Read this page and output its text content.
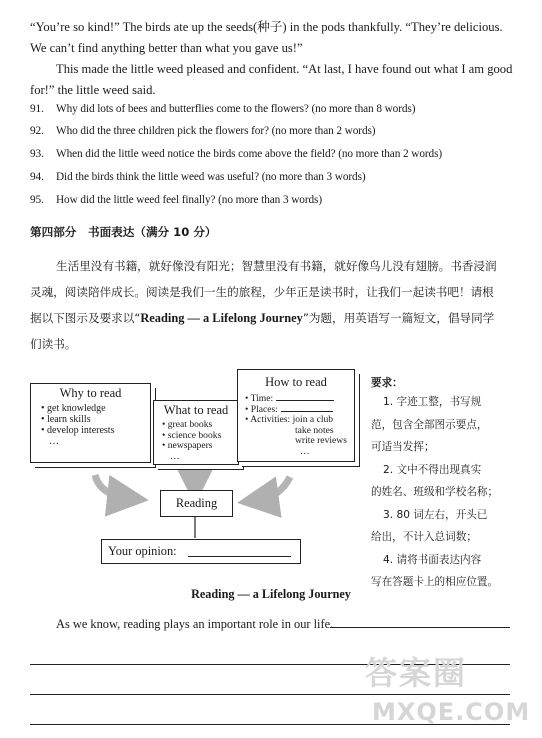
“You’re so kind!” The birds ate up the seeds(种子) in the pods thankfully. “They’re delicious.
We can’t find anything better than what you gave us!”
This made the little weed pleased and confident. “At last, I have found out what I am good
for!” the little weed said.
91. Why did lots of bees and butterflies come to the flowers? (no more than 8 words)
92. Who did the three children pick the flowers for? (no more than 2 words)
93. When did the little weed notice the birds come above the field? (no more than 2 words)
94. Did the birds think the little weed was useful? (no more than 3 words)
95. How did the little weed feel finally? (no more than 3 words)
第四部分　书面表达（满分 10 分）
生活里没有书籍，就好像没有阳光；智慧里没有书籍，就好像鸟儿没有翅膀。书香浸润
灵魂，阅读陪伴成长。阅读是我们一生的旅程，少年正是读书时，让我们一起读书吧！请根
据以下图示及要求以“Reading — a Lifelong Journey”为题，用英语写一篇短文，倡导同学
们读书。
Why to read
• get knowledge
• learn skills
• develop interests
…
What to read
• great books
• science books
• newspapers
…
How to read
• Time:
• Places:
• Activities: join a club
take notes
write reviews
…
Reading
Your opinion:
要求：
1. 字迹工整，书写规
范，包含全部图示要点，
可适当发挥；
2. 文中不得出现真实
的姓名、班级和学校名称；
3. 80 词左右，开头已
给出，不计入总词数；
4. 请将书面表达内容
写在答题卡上的相应位置。
Reading — a Lifelong Journey
As we know, reading plays an important role in our life.
答案圈
MXQE.COM
